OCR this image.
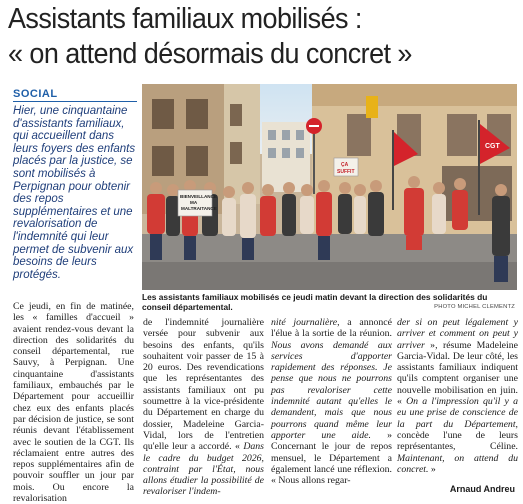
Assistants familiaux mobilisés :
« on attend désormais du concret »
SOCIAL
Hier, une cinquantaine d'assistants familiaux, qui accueillent dans leurs foyers des enfants placés par la justice, se sont mobilisés à Perpignan pour obtenir des repos supplémentaires et une revalorisation de l'indemnité qui leur permet de subvenir aux besoins de leurs protégés.
CGT
BIENVEILLANCE MA MALTRAITANCE
ÇA SUFFIT
Les assistants familiaux mobilisés ce jeudi matin devant la direction des solidarités du conseil départemental.	PHOTO MICHEL CLEMENTZ

Ce jeudi, en fin de matinée, les « familles d'accueil » avaient rendez-vous devant la direction des solidarités du conseil départemental, rue Sauvy, à Perpignan. Une cinquantaine d'assistants familiaux, embauchés par le Département pour accueillir chez eux des enfants placés par décision de justice, se sont réunis devant l'établissement avec le soutien de la CGT. Ils réclamaient entre autres des repos supplémentaires afin de pouvoir souffler un jour par mois. Ou encore la revalorisation

de l'indemnité journalière versée pour subvenir aux besoins des enfants, qu'ils souhaitent voir passer de 15 à 20 euros. Des revendications que les représentantes des assistants familiaux ont pu soumettre à la vice-présidente du Département en charge du dossier, Madeleine Garcia-Vidal, lors de l'entretien qu'elle leur a accordé. « Dans le cadre du budget 2026, contraint par l'État, nous allons étudier la possibilité de revaloriser l'indem-

nité journalière, a annoncé l'élue à la sortie de la réunion. Nous avons demandé aux services d'apporter rapidement des réponses. Je pense que nous ne pourrons pas revaloriser cette indemnité autant qu'elles le demandent, mais que nous pourrons quand même leur apporter une aide. » Concernant le jour de repos mensuel, le Département a également lancé une réflexion. « Nous allons regar-

der si on peut légalement y arriver et comment on peut y arriver », résume Madeleine Garcia-Vidal. De leur côté, les assistants familiaux indiquent qu'ils comptent organiser une nouvelle mobilisation en juin. « On a l'impression qu'il y a eu une prise de conscience de la part du Département, concède l'une de leurs représentantes, Céline. Maintenant, on attend du concret. »

Arnaud Andreu
